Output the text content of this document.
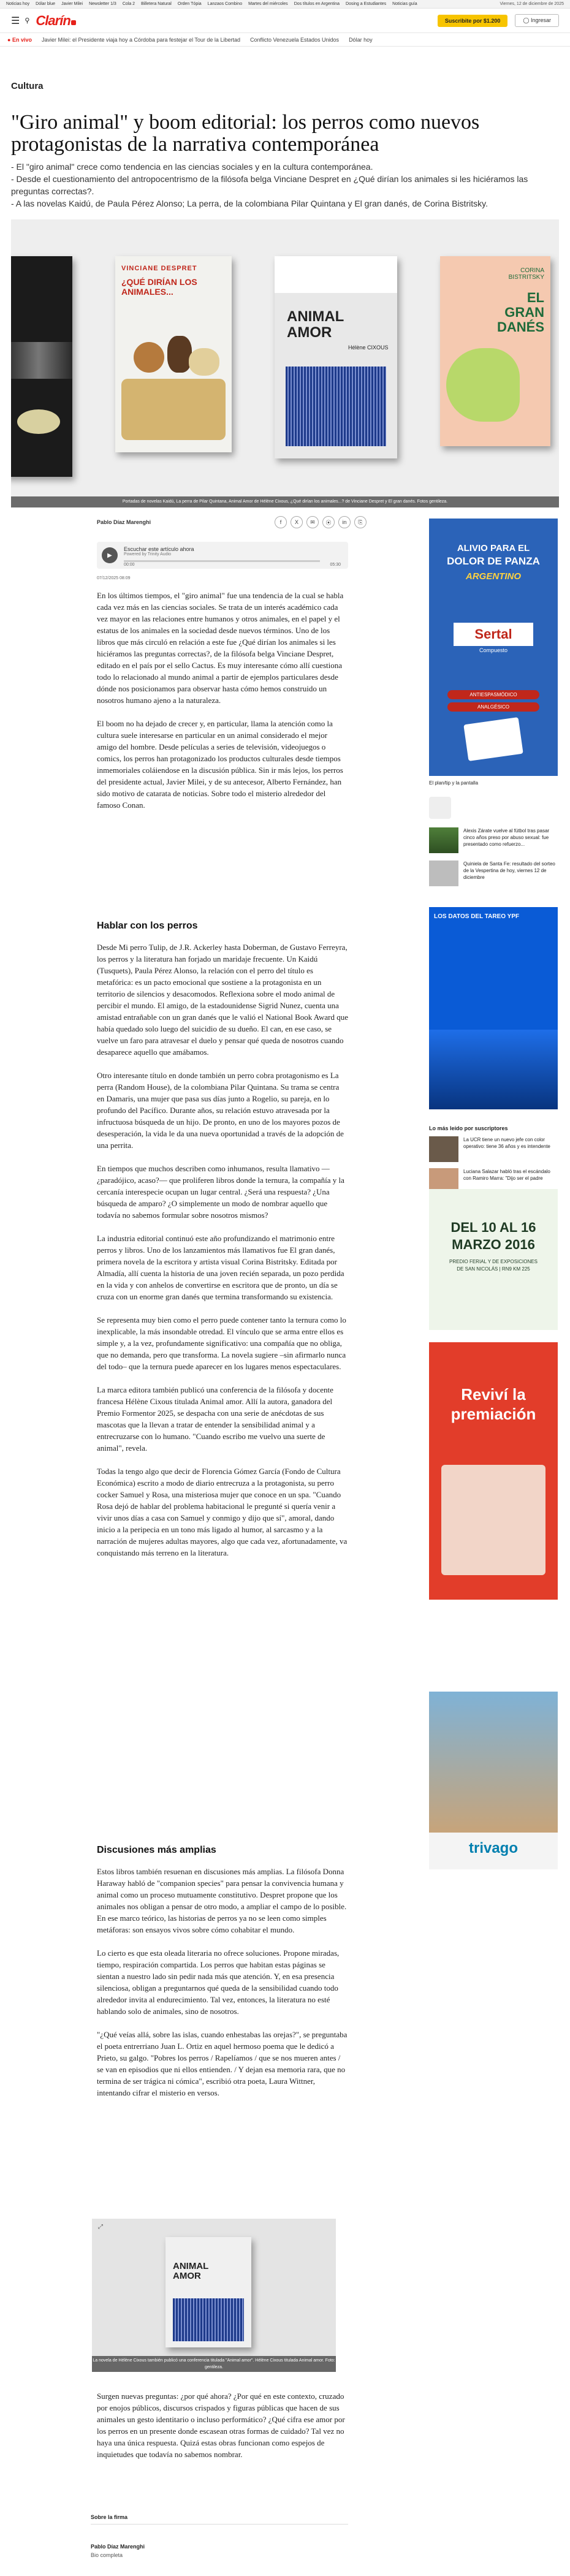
Noticias hoy Dólar blue Javier Milei Newsletter 1/3 Cola 2 Billetera Natural Orden Tópia Lanzaos Combino Martes del miércoles Dos títulos en Argentina Dosing a Estudiantes Noticias guía	Viernes, 12 de diciembre de 2025
☰ ⚲ Clarín	Suscribite por $1.200	◯ Ingresar
● En vivo Javier Milei: el Presidente viaja hoy a Córdoba para festejar el Tour de la Libertad Conflicto Venezuela Estados Unidos Dólar hoy
Cultura
"Giro animal" y boom editorial: los perros como nuevos protagonistas de la narrativa contemporánea
- El "giro animal" crece como tendencia en las ciencias sociales y en la cultura contemporánea.
- Desde el cuestionamiento del antropocentrismo de la filósofa belga Vinciane Despret en ¿Qué dirían los animales si les hiciéramos las preguntas correctas?.
- A las novelas Kaidú, de Paula Pérez Alonso; La perra, de la colombiana Pilar Quintana y El gran danés, de Corina Bistritsky.
VINCIANE DESPRET
¿QUÉ DIRÍAN LOS ANIMALES...
ANIMAL AMOR
Hélène CIXOUS
CORINA BISTRITSKY
EL GRAN DANÉS
Portadas de novelas Kaidú, La perra de Pilar Quintana, Animal Amor de Hélène Cixous, ¿Qué dirían los animales...? de Vinciane Despret y El gran danés. Fotos gentileza.
Pablo Díaz Marenghi	f	X	✉	⦿	in	⎘
▶
Escuchar este artículo ahora
Powered by Trinity Audio
00:00	05:30
07/12/2025 08:09

En los últimos tiempos, el "giro animal" fue una tendencia de la cual se habla cada vez más en las ciencias sociales. Se trata de un interés académico cada vez mayor en las relaciones entre humanos y otros animales, en el papel y el estatus de los animales en la sociedad desde nuevos términos. Uno de los libros que más circuló en relación a este fue ¿Qué dirían los animales si les hiciéramos las preguntas correctas?, de la filósofa belga Vinciane Despret, editado en el país por el sello Cactus. Es muy interesante cómo allí cuestiona todo lo relacionado al mundo animal a partir de ejemplos particulares desde dónde nos posicionamos para observar hasta cómo hemos construido un nosotros humano ajeno a la naturaleza.

El boom no ha dejado de crecer y, en particular, llama la atención como la cultura suele interesarse en particular en un animal considerado el mejor amigo del hombre. Desde películas a series de televisión, videojuegos o comics, los perros han protagonizado los productos culturales desde tiempos inmemoriales coláiendose en la discusión pública. Sin ir más lejos, los perros del presidente actual, Javier Milei, y de su antecesor, Alberto Fernández, han sido motivo de catarata de noticias. Sobre todo el misterio alrededor del famoso Conan.

Hablar con los perros

Desde Mi perro Tulip, de J.R. Ackerley hasta Doberman, de Gustavo Ferreyra, los perros y la literatura han forjado un maridaje frecuente. Un Kaidú (Tusquets), Paula Pérez Alonso, la relación con el perro del título es metafórica: es un pacto emocional que sostiene a la protagonista en un territorio de silencios y desacomodos. Reflexiona sobre el modo animal de percibir el mundo. El amigo, de la estadounidense Sigrid Nunez, cuenta una amistad entrañable con un gran danés que le valió el National Book Award que había quedado solo luego del suicidio de su dueño. El can, en ese caso, se vuelve un faro para atravesar el duelo y pensar qué queda de nosotros cuando desaparece aquello que amábamos.

Otro interesante título en donde también un perro cobra protagonismo es La perra (Random House), de la colombiana Pilar Quintana. Su trama se centra en Damaris, una mujer que pasa sus días junto a Rogelio, su pareja, en lo profundo del Pacífico. Durante años, su relación estuvo atravesada por la infructuosa búsqueda de un hijo. De pronto, en uno de los mayores pozos de desesperación, la vida le da una nueva oportunidad a través de la adopción de una perrita.

En tiempos que muchos describen como inhumanos, resulta llamativo —¿paradójico, acaso?— que proliferen libros donde la ternura, la compañía y la cercanía interespecie ocupan un lugar central. ¿Será una respuesta? ¿Una búsqueda de amparo? ¿O simplemente un modo de nombrar aquello que todavía no sabemos formular sobre nosotros mismos?

La industria editorial continuó este año profundizando el matrimonio entre perros y libros. Uno de los lanzamientos más llamativos fue El gran danés, primera novela de la escritora y artista visual Corina Bistritsky. Editada por Almadía, allí cuenta la historia de una joven recién separada, un pozo perdida en la vida y con anhelos de convertirse en escritora que de pronto, un día se cruza con un enorme gran danés que termina transformando su existencia.

Se representa muy bien como el perro puede contener tanto la ternura como lo inexplicable, la más insondable otredad. El vínculo que se arma entre ellos es simple y, a la vez, profundamente significativo: una compañía que no obliga, que no demanda, pero que transforma. La novela sugiere –sin afirmarlo nunca del todo– que la ternura puede aparecer en los lugares menos espectaculares.

La marca editora también publicó una conferencia de la filósofa y docente francesa Hélène Cixous titulada Animal amor. Allí la autora, ganadora del Premio Formentor 2025, se despacha con una serie de anécdotas de sus mascotas que la llevan a tratar de entender la sensibilidad animal y a entrecruzarse con lo humano. "Cuando escribo me vuelvo una suerte de animal", revela.

Todas la tengo algo que decir de Florencia Gómez García (Fondo de Cultura Económica) escrito a modo de diario entrecruza a la protagonista, su perro cocker Samuel y Rosa, una misteriosa mujer que conoce en un spa. "Cuando Rosa dejó de hablar del problema habitacional le pregunté si quería venir a vivir unos días a casa con Samuel y conmigo y dijo que sí", amoral, dando inicio a la peripecia en un tono más ligado al humor, al sarcasmo y a la narración de mujeres adultas mayores, algo que cada vez, afortunadamente, va conquistando más terreno en la literatura.

Discusiones más amplias

Estos libros también resuenan en discusiones más amplias. La filósofa Donna Haraway habló de "companion species" para pensar la convivencia humana y animal como un proceso mutuamente constitutivo. Despret propone que los animales nos obligan a pensar de otro modo, a ampliar el campo de lo posible. En ese marco teórico, las historias de perros ya no se leen como simples metáforas: son ensayos vivos sobre cómo cohabitar el mundo.

Lo cierto es que esta oleada literaria no ofrece soluciones. Propone miradas, tiempo, respiración compartida. Los perros que habitan estas páginas se sientan a nuestro lado sin pedir nada más que atención. Y, en esa presencia silenciosa, obligan a preguntarnos qué queda de la sensibilidad cuando todo alrededor invita al endurecimiento. Tal vez, entonces, la literatura no esté hablando solo de animales, sino de nosotros.

"¿Qué veías allá, sobre las islas, cuando enhestabas las orejas?", se preguntaba el poeta entrerriano Juan L. Ortiz en aquel hermoso poema que le dedicó a Prieto, su galgo. "Pobres los perros / Rapelíamos / que se nos mueren antes / se van en episodios que ni ellos entienden. / Y dejan esa memoria rara, que no termina de ser trágica ni cómica", escribió otra poeta, Laura Wittner, intentando cifrar el misterio en versos.

⤢
ANIMAL AMOR
La novela de Hélène Cixous también publicó una conferencia titulada "Animal amor". Hélène Cixous titulada Animal amor. Foto: gentileza.

Surgen nuevas preguntas: ¿por qué ahora? ¿Por qué en este contexto, cruzado por enojos públicos, discursos crispados y figuras públicas que hacen de sus animales un gesto identitario o incluso performático? ¿Qué cifra ese amor por los perros en un presente donde escasean otras formas de cuidado? Tal vez no haya una única respuesta. Quizá estas obras funcionan como espejos de inquietudes que todavía no sabemos nombrar.

Sobre la firma
Pablo Díaz Marenghi
Bio completa
ALIVIO PARA EL
DOLOR DE PANZA
ARGENTINO
Sertal
Compuesto
ANTIESPASMÓDICO
ANALGÉSICO
El plan/tip y la pantalla
Alexis Zárate vuelve al fútbol tras pasar cinco años preso por abuso sexual: fue presentado como refuerzo...
Quiniela de Santa Fe: resultado del sorteo de la Vespertina de hoy, viernes 12 de diciembre
LOS DATOS DEL TAREO YPF
Lo más leído por suscriptores
La UCR tiene un nuevo jefe con color operativo: tiene 36 años y es intendente
Luciana Salazar habló tras el escándalo con Ramiro Marra: "Dijo ser el padre
DEL 10 AL 16
MARZO 2016
PREDIO FERIAL Y DE EXPOSICIONES
DE SAN NICOLÁS | RN9 KM 225
Reviví la
premiación
trivago
